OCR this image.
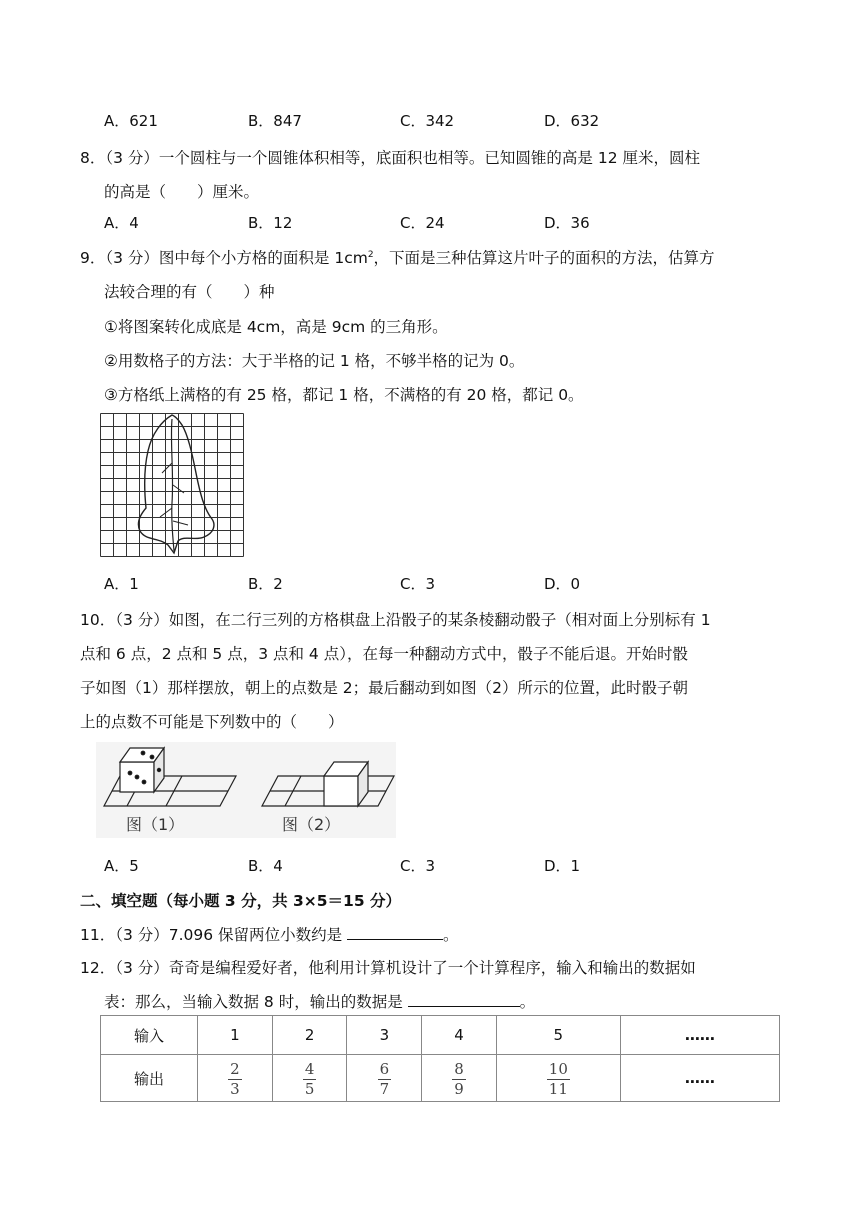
A．621	B．847	C．342	D．632
8．（3 分）一个圆柱与一个圆锥体积相等，底面积也相等。已知圆锥的高是 12 厘米，圆柱
的高是（　　）厘米。
A．4	B．12	C．24	D．36
9．（3 分）图中每个小方格的面积是 $1cm^2$，下面是三种估算这片叶子的面积的方法，估算方
法较合理的有（　　）种
①将图案转化成底是 4cm，高是 9cm 的三角形。
②用数格子的方法：大于半格的记 1 格，不够半格的记为 0。
③方格纸上满格的有 25 格，都记 1 格，不满格的有 20 格，都记 0。
A．1	B．2	C．3	D．0
10．（3 分）如图，在二行三列的方格棋盘上沿骰子的某条棱翻动骰子（相对面上分别标有 1
点和 6 点，2 点和 5 点，3 点和 4 点），在每一种翻动方式中，骰子不能后退。开始时骰
子如图（1）那样摆放，朝上的点数是 2；最后翻动到如图（2）所示的位置，此时骰子朝
上的点数不可能是下列数中的（　　）
图（1）	图（2）
A．5	B．4	C．3	D．1
二、填空题（每小题 3 分，共 3×5＝15 分）
11．（3 分）7.096 保留两位小数约是	。
12．（3 分）奇奇是编程爱好者，他利用计算机设计了一个计算程序，输入和输出的数据如
表：那么，当输入数据 8 时，输出的数据是	。
输入	1	2	3	4	5	……
输出	$\frac{2}{3}$	$\frac{4}{5}$	$\frac{6}{7}$	$\frac{8}{9}$	$\frac{10}{11}$	……
